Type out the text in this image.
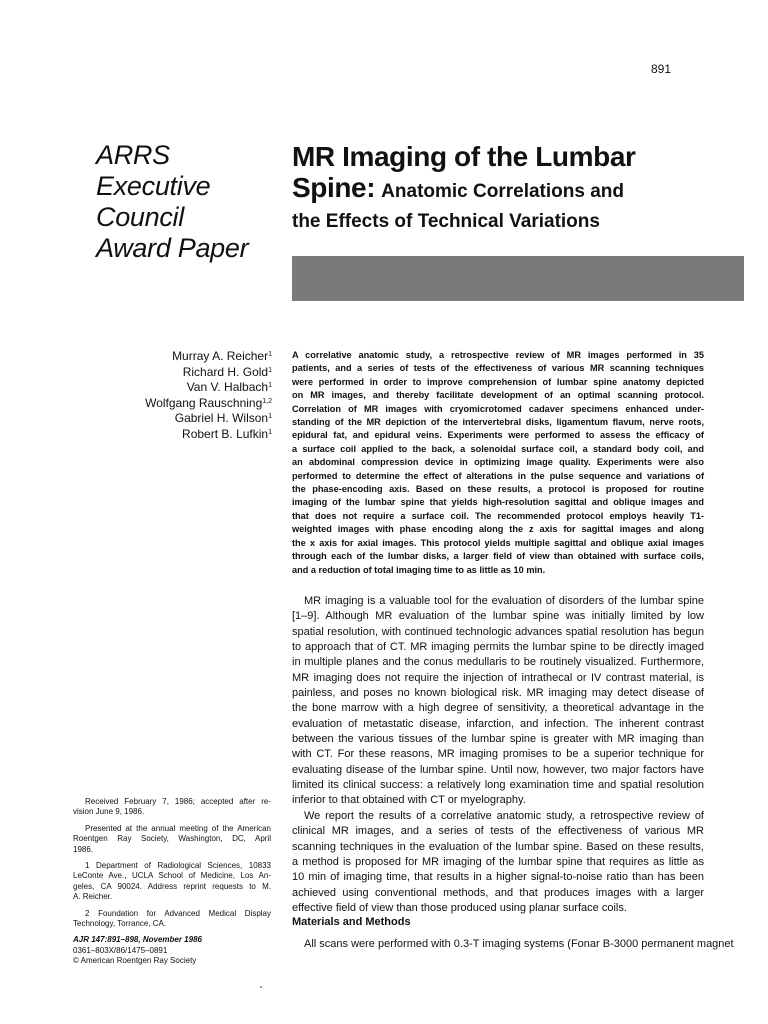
891
ARRS
Executive
Council
Award Paper
MR Imaging of the Lumbar
Spine: Anatomic Correlations and
the Effects of Technical Variations
Murray A. Reicher$^1$
Richard H. Gold$^1$
Van V. Halbach$^1$
Wolfgang Rauschning$^{1,2}$
Gabriel H. Wilson$^1$
Robert B. Lufkin$^1$
A correlative anatomic study, a retrospective review of MR images performed in 35
patients, and a series of tests of the effectiveness of various MR scanning techniques
were performed in order to improve comprehension of lumbar spine anatomy depicted
on MR images, and thereby facilitate development of an optimal scanning protocol.
Correlation of MR images with cryomicrotomed cadaver specimens enhanced under-
standing of the MR depiction of the intervertebral disks, ligamentum flavum, nerve roots,
epidural fat, and epidural veins. Experiments were performed to assess the efficacy of
a surface coil applied to the back, a solenoidal surface coil, a standard body coil, and
an abdominal compression device in optimizing image quality. Experiments were also
performed to determine the effect of alterations in the pulse sequence and variations of
the phase-encoding axis. Based on these results, a protocol is proposed for routine
imaging of the lumbar spine that yields high-resolution sagittal and oblique images and
that does not require a surface coil. The recommended protocol employs heavily T1-
weighted images with phase encoding along the z axis for sagittal images and along
the x axis for axial images. This protocol yields multiple sagittal and oblique axial images
through each of the lumbar disks, a larger field of view than obtained with surface coils,
and a reduction of total imaging time to as little as 10 min.
MR imaging is a valuable tool for the evaluation of disorders of the lumbar spine
[1–9]. Although MR evaluation of the lumbar spine was initially limited by low
spatial resolution, with continued technologic advances spatial resolution has begun
to approach that of CT. MR imaging permits the lumbar spine to be directly imaged
in multiple planes and the conus medullaris to be routinely visualized. Furthermore,
MR imaging does not require the injection of intrathecal or IV contrast material, is
painless, and poses no known biological risk. MR imaging may detect disease of
the bone marrow with a high degree of sensitivity, a theoretical advantage in the
evaluation of metastatic disease, infarction, and infection. The inherent contrast
between the various tissues of the lumbar spine is greater with MR imaging than
with CT. For these reasons, MR imaging promises to be a superior technique for
evaluating disease of the lumbar spine. Until now, however, two major factors have
limited its clinical success: a relatively long examination time and spatial resolution
inferior to that obtained with CT or myelography.
We report the results of a correlative anatomic study, a retrospective review of
clinical MR images, and a series of tests of the effectiveness of various MR
scanning techniques in the evaluation of the lumbar spine. Based on these results,
a method is proposed for MR imaging of the lumbar spine that requires as little as
10 min of imaging time, that results in a higher signal-to-noise ratio than has been
achieved using conventional methods, and that produces images with a larger
effective field of view than those produced using planar surface coils.
Materials and Methods
All scans were performed with 0.3-T imaging systems (Fonar B-3000 permanent magnet
Received February 7, 1986; accepted after re-
vision June 9, 1986.
Presented at the annual meeting of the American
Roentgen Ray Society, Washington, DC, April
1986.
1 Department of Radiological Sciences, 10833
LeConte Ave., UCLA School of Medicine, Los An-
geles, CA 90024. Address reprint requests to M.
A. Reicher.
2 Foundation for Advanced Medical Display
Technology, Torrance, CA.
AJR 147:891–898, November 1986
0361–803X/86/1475–0891
© American Roentgen Ray Society
